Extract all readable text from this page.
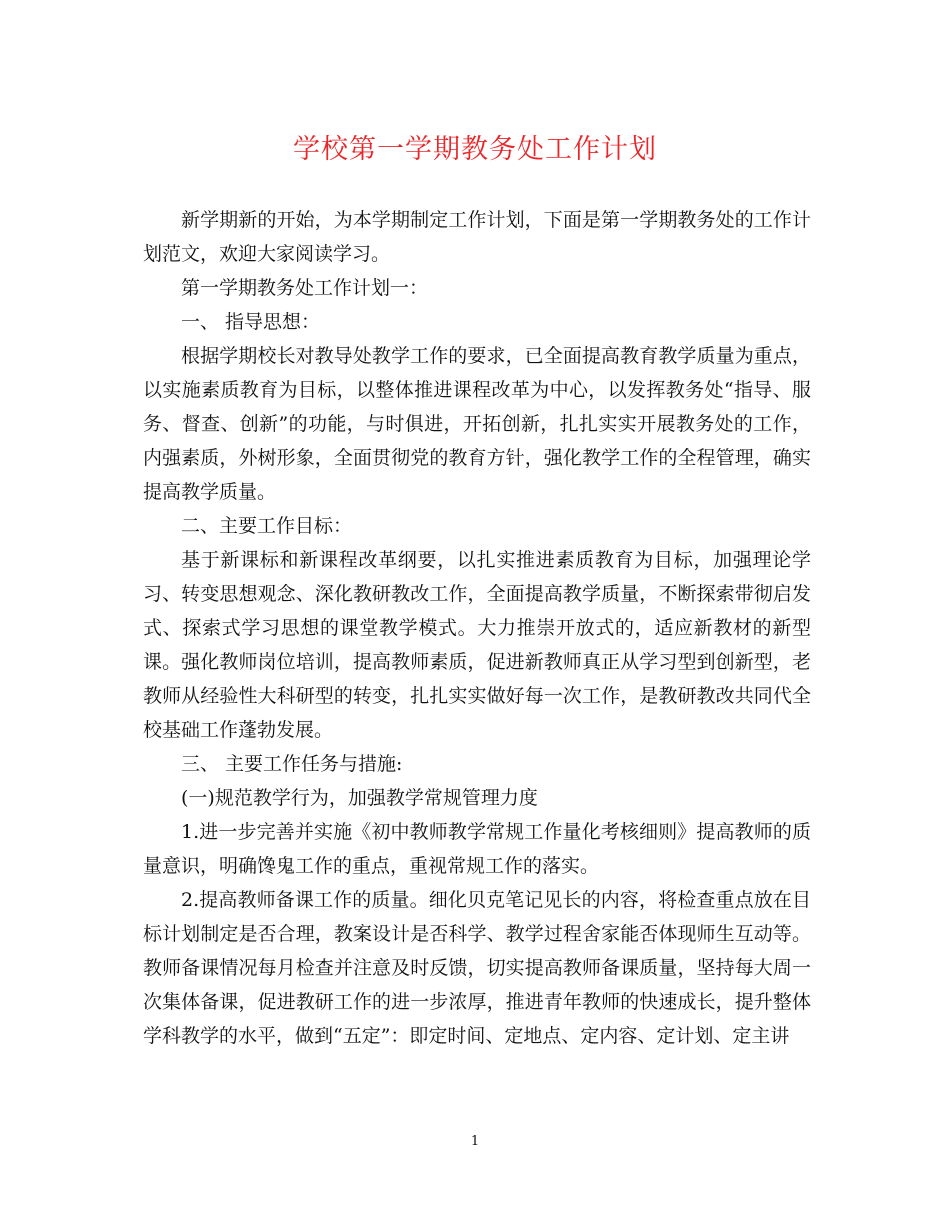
学校第一学期教务处工作计划

新学期新的开始，为本学期制定工作计划，下面是第一学期教务处的工作计划范文，欢迎大家阅读学习。

第一学期教务处工作计划一：

一、 指导思想：

根据学期校长对教导处教学工作的要求，已全面提高教育教学质量为重点，以实施素质教育为目标，以整体推进课程改革为中心，以发挥教务处“指导、服务、督查、创新”的功能，与时俱进，开拓创新，扎扎实实开展教务处的工作，内强素质，外树形象，全面贯彻党的教育方针，强化教学工作的全程管理，确实提高教学质量。

二、主要工作目标：

基于新课标和新课程改革纲要，以扎实推进素质教育为目标，加强理论学习、转变思想观念、深化教研教改工作，全面提高教学质量，不断探索带彻启发式、探索式学习思想的课堂教学模式。大力推崇开放式的，适应新教材的新型课。强化教师岗位培训，提高教师素质，促进新教师真正从学习型到创新型，老教师从经验性大科研型的转变，扎扎实实做好每一次工作，是教研教改共同代全校基础工作蓬勃发展。

三、 主要工作任务与措施:

(一)规范教学行为，加强教学常规管理力度

1.进一步完善并实施《初中教师教学常规工作量化考核细则》提高教师的质量意识，明确馋鬼工作的重点，重视常规工作的落实。

2.提高教师备课工作的质量。细化贝克笔记见长的内容，将检查重点放在目标计划制定是否合理，教案设计是否科学、教学过程舍家能否体现师生互动等。教师备课情况每月检查并注意及时反馈，切实提高教师备课质量，坚持每大周一次集体备课，促进教研工作的进一步浓厚，推进青年教师的快速成长，提升整体学科教学的水平，做到“五定”：即定时间、定地点、定内容、定计划、定主讲

1
